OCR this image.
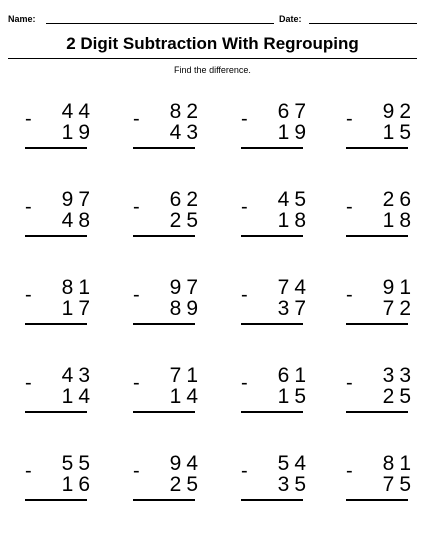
Name:	Date:
2 Digit Subtraction With Regrouping
Find the difference.
- 44
19
- 82
43
- 67
19
- 92
15
- 97
48
- 62
25
- 45
18
- 26
18
- 81
17
- 97
89
- 74
37
- 91
72
- 43
14
- 71
14
- 61
15
- 33
25
- 55
16
- 94
25
- 54
35
- 81
75
